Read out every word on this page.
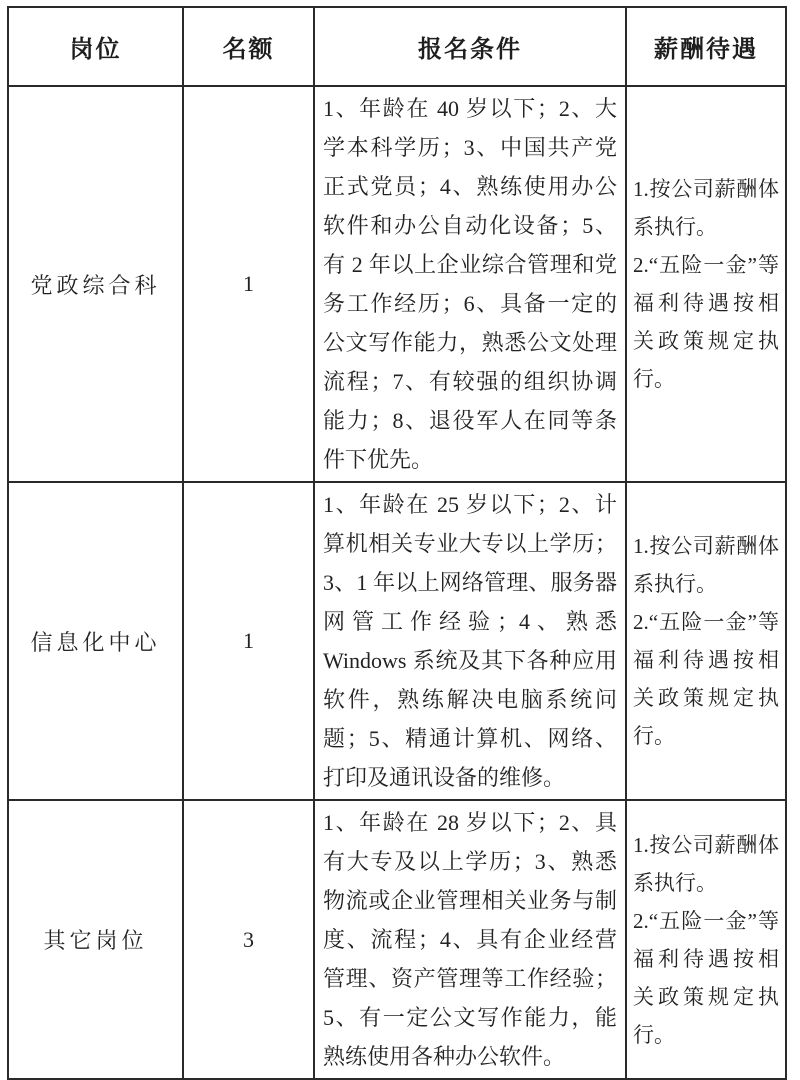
岗位	名额	报名条件	薪酬待遇
党政综合科	1	1、年龄在 40 岁以下；2、大学本科学历；3、中国共产党正式党员；4、熟练使用办公软件和办公自动化设备；5、有 2 年以上企业综合管理和党务工作经历；6、具备一定的公文写作能力，熟悉公文处理流程；7、有较强的组织协调能力；8、退役军人在同等条件下优先。	1.按公司薪酬体系执行。

2.“五险一金”等福利待遇按相关政策规定执行。

信息化中心	1	1、年龄在 25 岁以下；2、计算机相关专业大专以上学历；3、1 年以上网络管理、服务器网管工作经验；4、熟悉 Windows 系统及其下各种应用软件，熟练解决电脑系统问题；5、精通计算机、网络、打印及通讯设备的维修。	1.按公司薪酬体系执行。

2.“五险一金”等福利待遇按相关政策规定执行。

其它岗位	3	1、年龄在 28 岁以下；2、具有大专及以上学历；3、熟悉物流或企业管理相关业务与制度、流程；4、具有企业经营管理、资产管理等工作经验；5、有一定公文写作能力，能熟练使用各种办公软件。	1.按公司薪酬体系执行。

2.“五险一金”等福利待遇按相关政策规定执行。
